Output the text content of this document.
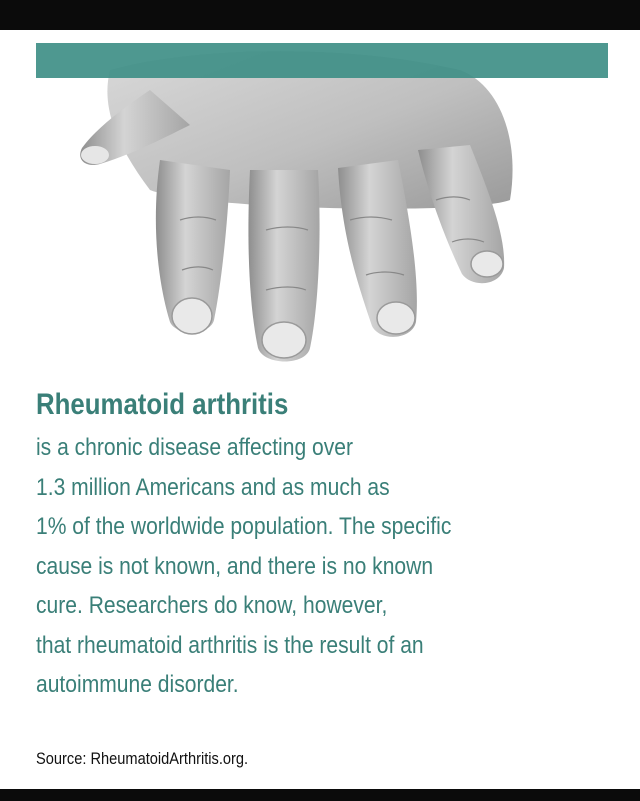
Rheumatoid arthritis

is a chronic disease affecting over
1.3 million Americans and as much as
1% of the worldwide population. The specific
cause is not known, and there is no known
cure. Researchers do know, however,
that rheumatoid arthritis is the result of an
autoimmune disorder.

Source: RheumatoidArthritis.org.
